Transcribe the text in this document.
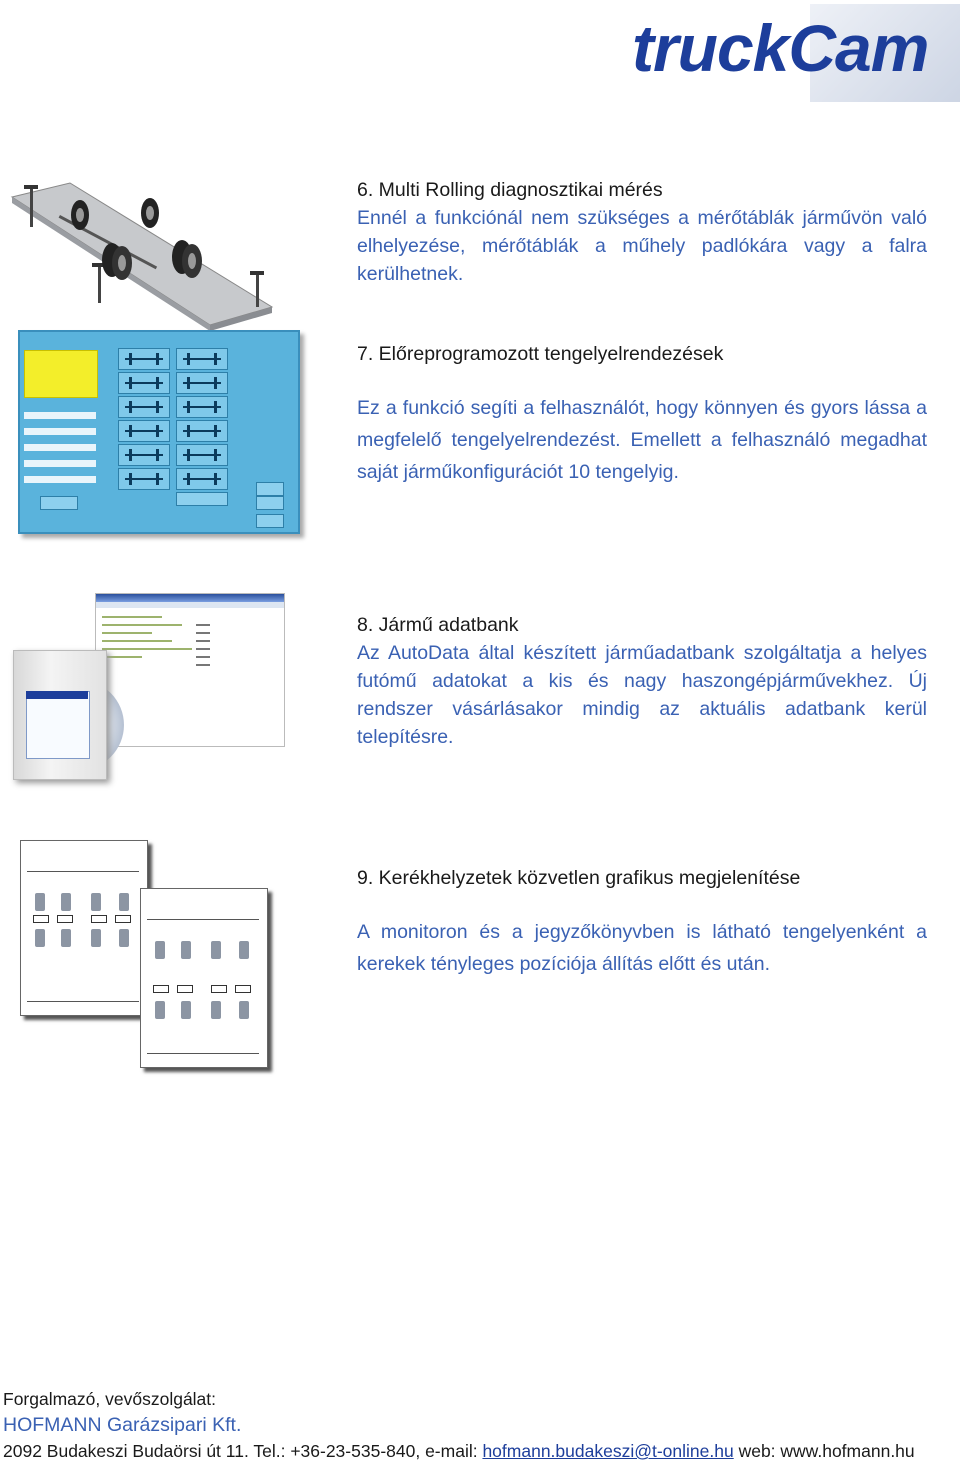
truckCam

6. Multi Rolling diagnosztikai mérés

Ennél a funkciónál nem szükséges a mérőtáblák járművön való elhelyezése, mérőtáblák a műhely padlókára vagy a falra kerülhetnek.

7. Előreprogramozott tengelyelrendezések

Ez a funkció segíti a felhasználót, hogy könnyen és gyors lássa a megfelelő tengelyelrendezést. Emellett a felhasználó megadhat saját járműkonfigurációt 10 tengelyig.

8. Jármű adatbank

Az AutoData által készített járműadatbank szolgáltatja a helyes futómű adatokat a kis és nagy haszongépjárművekhez. Új rendszer vásárlásakor mindig az aktuális adatbank kerül telepítésre.

9. Kerékhelyzetek közvetlen grafikus megjelenítése

A monitoron és a jegyzőkönyvben is látható tengelyenként a kerekek tényleges pozíciója állítás előtt és után.

Forgalmazó, vevőszolgálat:

HOFMANN Garázsipari Kft.

2092 Budakeszi Budaörsi út 11. Tel.: +36-23-535-840, e-mail: hofmann.budakeszi@t-online.hu web: www.hofmann.hu
